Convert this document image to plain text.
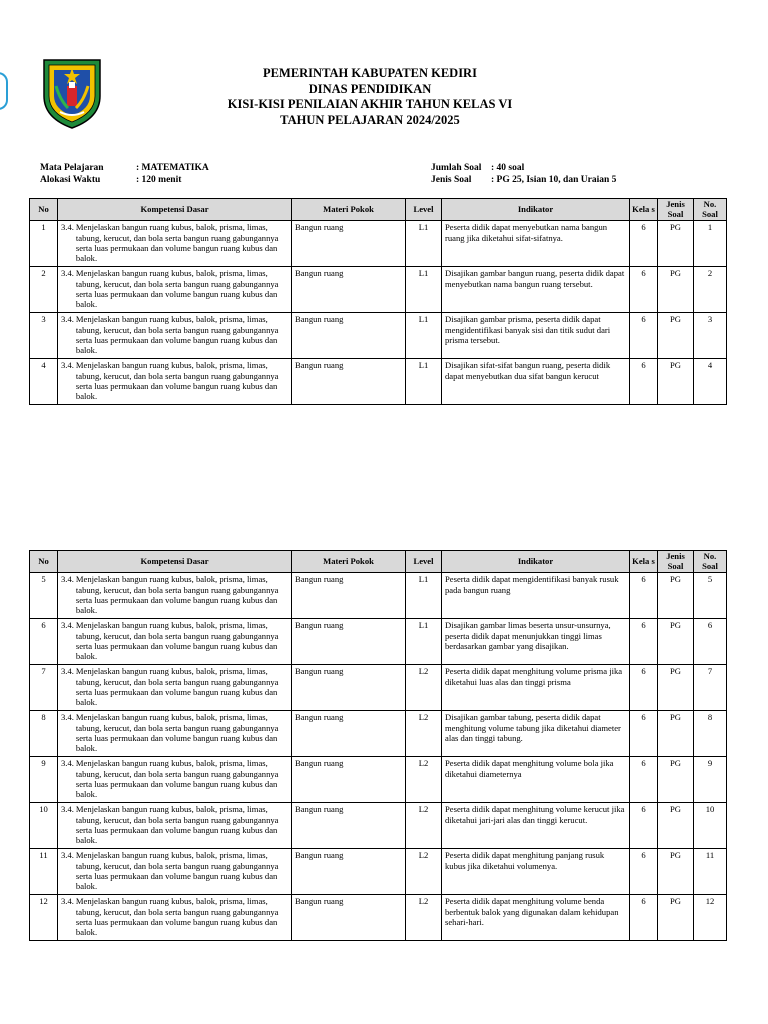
PEMERINTAH KABUPATEN KEDIRI
DINAS PENDIDIKAN
KISI-KISI PENILAIAN AKHIR TAHUN KELAS VI
TAHUN PELAJARAN 2024/2025
Mata Pelajaran	: MATEMATIKA
Alokasi Waktu	: 120 menit
Jumlah Soal	: 40 soal
Jenis Soal	: PG 25, Isian 10, dan Uraian 5
No	Kompetensi Dasar	Materi Pokok	Level	Indikator	Kela s	Jenis Soal	No. Soal
1	3.4. Menjelaskan bangun ruang kubus, balok, prisma, limas, tabung, kerucut, dan bola serta bangun ruang gabungannya serta luas permukaan dan volume bangun ruang kubus dan balok.	Bangun ruang	L1	Peserta didik dapat menyebutkan nama bangun ruang jika diketahui sifat-sifatnya.	6	PG	1
2	3.4. Menjelaskan bangun ruang kubus, balok, prisma, limas, tabung, kerucut, dan bola serta bangun ruang gabungannya serta luas permukaan dan volume bangun ruang kubus dan balok.	Bangun ruang	L1	Disajikan gambar bangun ruang, peserta didik dapat menyebutkan nama bangun ruang tersebut.	6	PG	2
3	3.4. Menjelaskan bangun ruang kubus, balok, prisma, limas, tabung, kerucut, dan bola serta bangun ruang gabungannya serta luas permukaan dan volume bangun ruang kubus dan balok.	Bangun ruang	L1	Disajikan gambar prisma, peserta didik dapat mengidentifikasi banyak sisi dan titik sudut dari prisma tersebut.	6	PG	3
4	3.4. Menjelaskan bangun ruang kubus, balok, prisma, limas, tabung, kerucut, dan bola serta bangun ruang gabungannya serta luas permukaan dan volume bangun ruang kubus dan balok.	Bangun ruang	L1	Disajikan sifat-sifat bangun ruang, peserta didik dapat menyebutkan dua sifat bangun kerucut	6	PG	4
No	Kompetensi Dasar	Materi Pokok	Level	Indikator	Kela s	Jenis Soal	No. Soal
5	3.4. Menjelaskan bangun ruang kubus, balok, prisma, limas, tabung, kerucut, dan bola serta bangun ruang gabungannya serta luas permukaan dan volume bangun ruang kubus dan balok.	Bangun ruang	L1	Peserta didik dapat mengidentifikasi banyak rusuk pada bangun ruang	6	PG	5
6	3.4. Menjelaskan bangun ruang kubus, balok, prisma, limas, tabung, kerucut, dan bola serta bangun ruang gabungannya serta luas permukaan dan volume bangun ruang kubus dan balok.	Bangun ruang	L1	Disajikan gambar limas beserta unsur-unsurnya, peserta didik dapat menunjukkan tinggi limas berdasarkan gambar yang disajikan.	6	PG	6
7	3.4. Menjelaskan bangun ruang kubus, balok, prisma, limas, tabung, kerucut, dan bola serta bangun ruang gabungannya serta luas permukaan dan volume bangun ruang kubus dan balok.	Bangun ruang	L2	Peserta didik dapat menghitung volume prisma jika diketahui luas alas dan tinggi prisma	6	PG	7
8	3.4. Menjelaskan bangun ruang kubus, balok, prisma, limas, tabung, kerucut, dan bola serta bangun ruang gabungannya serta luas permukaan dan volume bangun ruang kubus dan balok.	Bangun ruang	L2	Disajikan gambar tabung, peserta didik dapat menghitung volume tabung jika diketahui diameter alas dan tinggi tabung.	6	PG	8
9	3.4. Menjelaskan bangun ruang kubus, balok, prisma, limas, tabung, kerucut, dan bola serta bangun ruang gabungannya serta luas permukaan dan volume bangun ruang kubus dan balok.	Bangun ruang	L2	Peserta didik dapat menghitung volume bola jika diketahui diameternya	6	PG	9
10	3.4. Menjelaskan bangun ruang kubus, balok, prisma, limas, tabung, kerucut, dan bola serta bangun ruang gabungannya serta luas permukaan dan volume bangun ruang kubus dan balok.	Bangun ruang	L2	Peserta didik dapat menghitung volume kerucut jika diketahui jari-jari alas dan tinggi kerucut.	6	PG	10
11	3.4. Menjelaskan bangun ruang kubus, balok, prisma, limas, tabung, kerucut, dan bola serta bangun ruang gabungannya serta luas permukaan dan volume bangun ruang kubus dan balok.	Bangun ruang	L2	Peserta didik dapat menghitung panjang rusuk kubus jika diketahui volumenya.	6	PG	11
12	3.4. Menjelaskan bangun ruang kubus, balok, prisma, limas, tabung, kerucut, dan bola serta bangun ruang gabungannya serta luas permukaan dan volume bangun ruang kubus dan balok.	Bangun ruang	L2	Peserta didik dapat menghitung volume benda berbentuk balok yang digunakan dalam kehidupan sehari-hari.	6	PG	12
